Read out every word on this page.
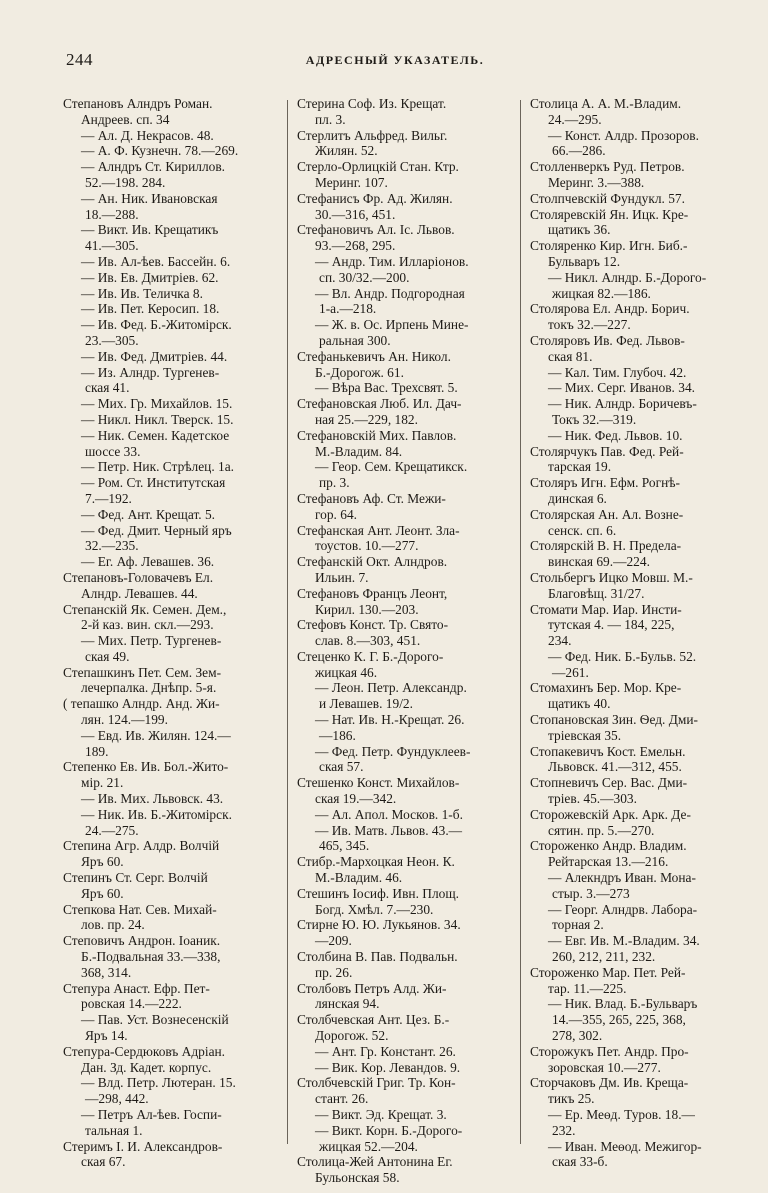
244	АДРЕСНЫЙ УКАЗАТЕЛЬ.
Степановъ Алндръ Роман.
Андреев. сп. 34
— Ал. Д. Некрасов. 48.
— А. Ф. Кузнечн. 78.—269.
— Алндръ Ст. Кириллов.
52.—198. 284.
— Ан. Ник. Ивановская
18.—288.
— Викт. Ив. Крещатикъ
41.—305.
— Ив. Ал-ѣев. Бассейн. 6.
— Ив. Ев. Дмитріев. 62.
— Ив. Ив. Теличка 8.
— Ив. Пет. Керосип. 18.
— Ив. Фед. Б.-Житомірск.
23.—305.
— Ив. Фед. Дмитріев. 44.
— Из. Алндр. Тургенев-
ская 41.
— Мих. Гр. Михайлов. 15.
— Никл. Никл. Тверск. 15.
— Ник. Семен. Кадетское
шоссе 33.
— Петр. Ник. Стрѣлец. 1а.
— Ром. Ст. Институтская
7.—192.
— Фед. Ант. Крещат. 5.
— Фед. Дмит. Черный яръ
32.—235.
— Ег. Аф. Левашев. 36.
Степановъ-Головачевъ Ел.
Алндр. Левашев. 44.
Степанскій Як. Семен. Дем.,
2-й каз. вин. скл.—293.
— Мих. Петр. Тургенев-
ская 49.
Степашкинъ Пет. Сем. Зем-
лечерпалка. Днѣпр. 5-я.
( тепашко Алндр. Анд. Жи-
лян. 124.—199.
— Евд. Ив. Жилян. 124.—
189.
Степенко Ев. Ив. Бол.-Жито-
мір. 21.
— Ив. Мих. Львовск. 43.
— Ник. Ив. Б.-Житомірск.
24.—275.
Степина Агр. Алдр. Волчій
Яръ 60.
Степинъ Ст. Серг. Волчій
Яръ 60.
Степкова Нат. Сев. Михай-
лов. пр. 24.
Степовичъ Андрон. Іоаник.
Б.-Подвальная 33.—338,
368, 314.
Степура Анаст. Ефр. Пет-
ровская 14.—222.
— Пав. Уст. Вознесенскій
Яръ 14.
Степура-Сердюковъ Адріан.
Дан. Зд. Кадет. корпус.
— Влд. Петр. Лютеран. 15.
—298, 442.
— Петръ Ал-ѣев. Госпи-
тальная 1.
Стеримъ I. И. Александров-
ская 67.
Стерина Соф. Из. Крещат.
пл. 3.
Стерлитъ Альфред. Вильг.
Жилян. 52.
Стерло-Орлицкій Стан. Ктр.
Меринг. 107.
Стефанисъ Фр. Ад. Жилян.
30.—316, 451.
Стефановичъ Ал. Іс. Львов.
93.—268, 295.
— Андр. Тим. Илларіонов.
сп. 30/32.—200.
— Вл. Андр. Подгородная
1-а.—218.
— Ж. в. Ос. Ирпень Мине-
ральная 300.
Стефанькевичъ Ан. Никол.
Б.-Дорогож. 61.
— Вѣра Вас. Трехсвят. 5.
Стефановская Люб. Ил. Дач-
ная 25.—229, 182.
Стефановскій Мих. Павлов.
М.-Владим. 84.
— Геор. Сем. Крещатикск.
пр. 3.
Стефановъ Аф. Ст. Межи-
гор. 64.
Стефанская Ант. Леонт. Зла-
тоустов. 10.—277.
Стефанскій Окт. Алндров.
Ильин. 7.
Стефановъ Францъ Леонт,
Кирил. 130.—203.
Стефовъ Конст. Тр. Свято-
слав. 8.—303, 451.
Стеценко К. Г. Б.-Дорого-
жицкая 46.
— Леон. Петр. Александр.
и Левашев. 19/2.
— Нат. Ив. Н.-Крещат. 26.
—186.
— Фед. Петр. Фундуклеев-
ская 57.
Стешенко Конст. Михайлов-
ская 19.—342.
— Ал. Апол. Москов. 1-б.
— Ив. Матв. Львов. 43.—
465, 345.
Стибр.-Мархоцкая Неон. К.
М.-Владим. 46.
Стешинъ Іосиф. Ивн. Площ.
Богд. Хмѣл. 7.—230.
Стирне Ю. Ю. Лукьянов. 34.
—209.
Столбина В. Пав. Подвальн.
пр. 26.
Столбовъ Петръ Алд. Жи-
лянская 94.
Столбчевская Ант. Цез. Б.-
Дорогож. 52.
— Ант. Гр. Констант. 26.
— Вик. Кор. Левандов. 9.
Столбчевскій Григ. Тр. Кон-
стант. 26.
— Викт. Эд. Крещат. 3.
— Викт. Корн. Б.-Дорого-
жицкая 52.—204.
Столица-Жей Антонина Ег.
Бульонская 58.
Столица А. А. М.-Владим.
24.—295.
— Конст. Алдр. Прозоров.
66.—286.
Столленверкъ Руд. Петров.
Меринг. 3.—388.
Столпчевскій Фундукл. 57.
Столяревскій Ян. Ицк. Кре-
щатикъ 36.
Столяренко Кир. Игн. Биб.-
Бульваръ 12.
— Никл. Алндр. Б.-Дорого-
жицкая 82.—186.
Столярова Ел. Андр. Борич.
токъ 32.—227.
Столяровъ Ив. Фед. Львов-
ская 81.
— Кал. Тим. Глубоч. 42.
— Мих. Серг. Иванов. 34.
— Ник. Алндр. Боричевъ-
Токъ 32.—319.
— Ник. Фед. Львов. 10.
Столярчукъ Пав. Фед. Рей-
тарская 19.
Столяръ Игн. Ефм. Рогнѣ-
динская 6.
Столярская Ан. Ал. Возне-
сенск. сп. 6.
Столярскій В. Н. Предела-
винская 69.—224.
Стольбергъ Ицко Мовш. М.-
Благовѣщ. 31/27.
Стомати Мар. Иар. Инсти-
тутская 4. — 184, 225,
234.
— Фед. Ник. Б.-Бульв. 52.
—261.
Стомахинъ Бер. Мор. Кре-
щатикъ 40.
Стопановская Зин. Ѳед. Дми-
тріевская 35.
Стопакевичъ Кост. Емельн.
Львовск. 41.—312, 455.
Стопневичъ Сер. Вас. Дми-
тріев. 45.—303.
Сторожевскій Арк. Арк. Де-
сятин. пр. 5.—270.
Стороженко Андр. Владим.
Рейтарская 13.—216.
— Алекндръ Иван. Мона-
стыр. 3.—273
— Георг. Алндрв. Лабора-
торная 2.
— Евг. Ив. М.-Владим. 34.
260, 212, 211, 232.
Стороженко Мар. Пет. Рей-
тар. 11.—225.
— Ник. Влад. Б.-Бульваръ
14.—355, 265, 225, 368,
278, 302.
Сторожукъ Пет. Андр. Про-
зоровская 10.—277.
Сторчаковъ Дм. Ив. Креща-
тикъ 25.
— Ер. Меѳд. Туров. 18.—
232.
— Иван. Меѳод. Межигор-
ская 33-б.
